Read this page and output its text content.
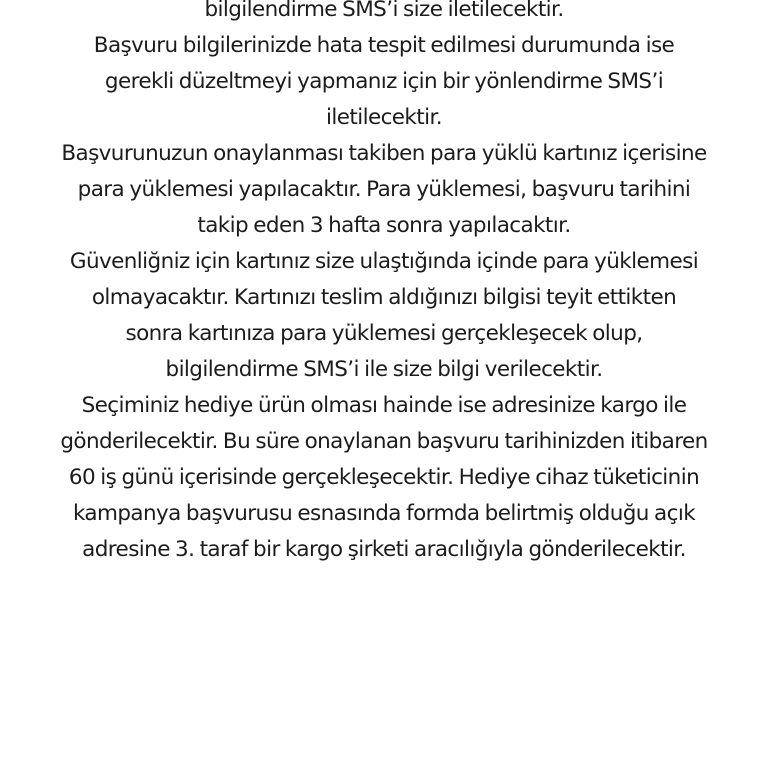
bilgilendirme SMS’i size iletilecektir.

Başvuru bilgilerinizde hata tespit edilmesi durumunda ise
gerekli düzeltmeyi yapmanız için bir yönlendirme SMS’i
iletilecektir.

Başvurunuzun onaylanması takiben para yüklü kartınız içerisine
para yüklemesi yapılacaktır. Para yüklemesi, başvuru tarihini
takip eden 3 hafta sonra yapılacaktır.

Güvenliğniz için kartınız size ulaştığında içinde para yüklemesi
olmayacaktır. Kartınızı teslim aldığınızı bilgisi teyit ettikten
sonra kartınıza para yüklemesi gerçekleşecek olup,
bilgilendirme SMS’i ile size bilgi verilecektir.

Seçiminiz hediye ürün olması hainde ise adresinize kargo ile
gönderilecektir. Bu süre onaylanan başvuru tarihinizden itibaren
60 iş günü içerisinde gerçekleşecektir. Hediye cihaz tüketicinin
kampanya başvurusu esnasında formda belirtmiş olduğu açık
adresine 3. taraf bir kargo şirketi aracılığıyla gönderilecektir.
